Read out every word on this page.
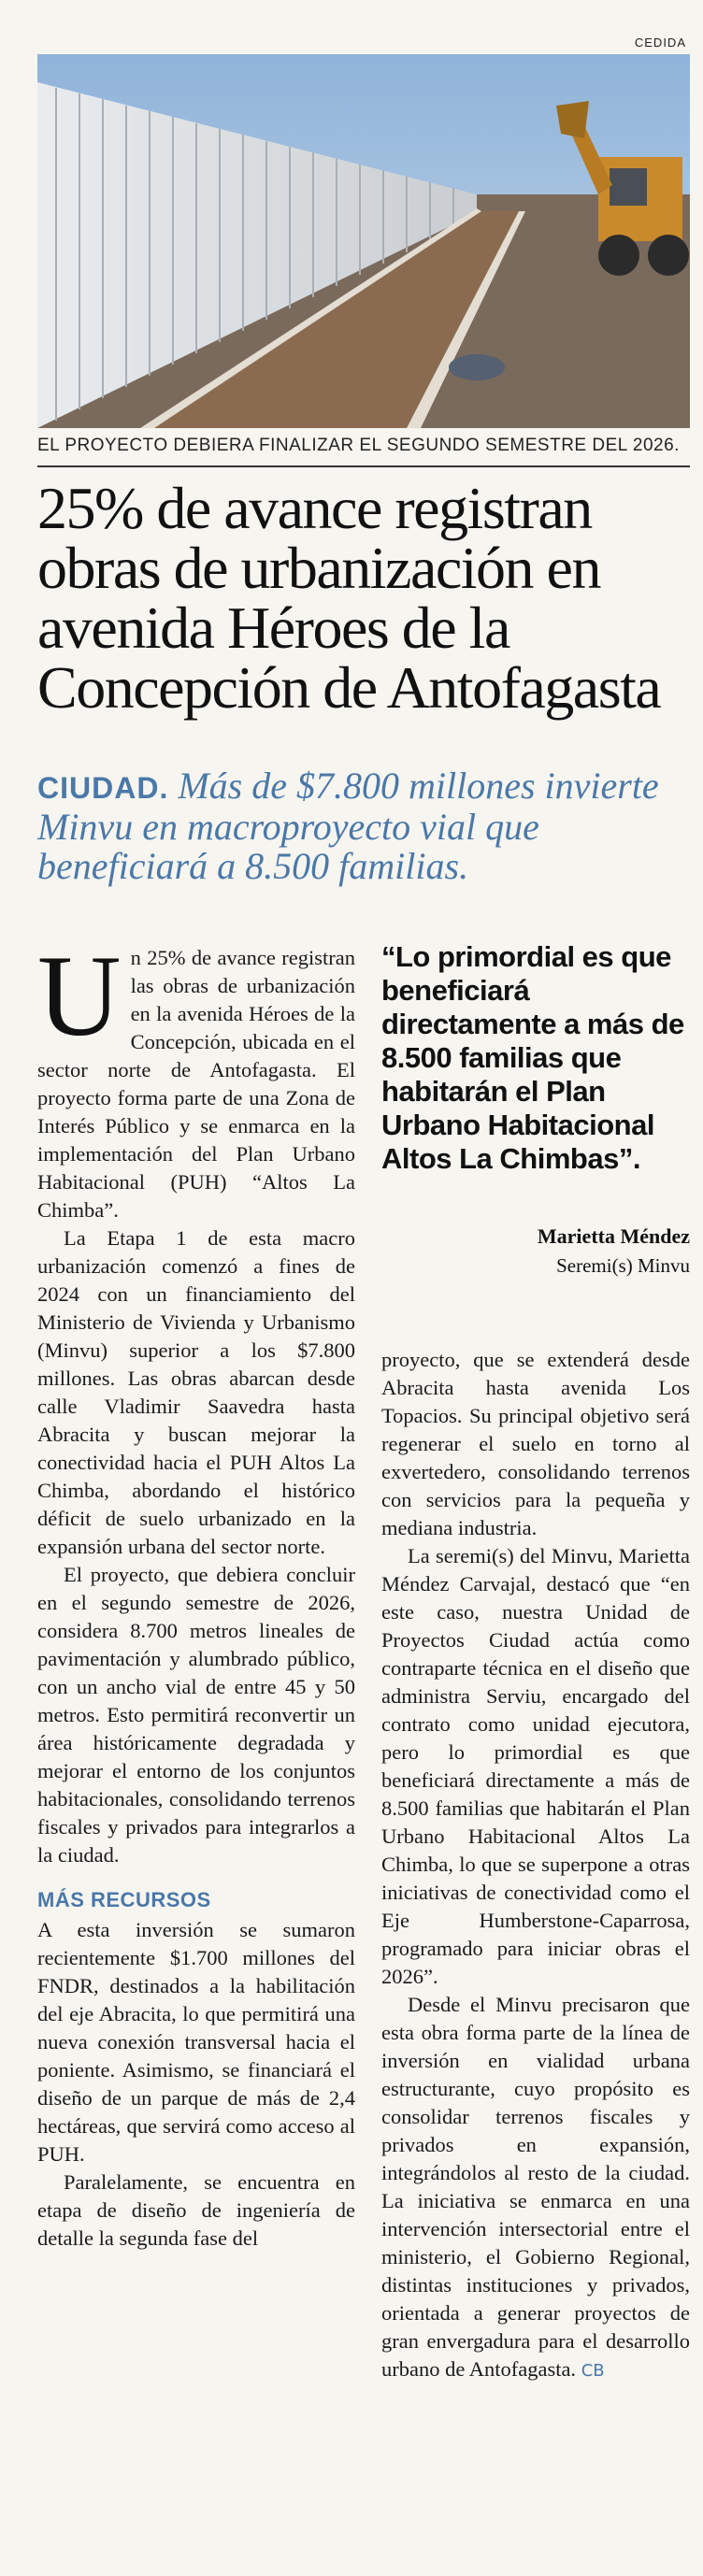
CEDIDA
EL PROYECTO DEBIERA FINALIZAR EL SEGUNDO SEMESTRE DEL 2026.
25% de avance registran obras de urbanización en avenida Héroes de la Concepción de Antofagasta
CIUDAD. Más de $7.800 millones invierte Minvu en macroproyecto vial que beneficiará a 8.500 familias.

Un 25% de avance registran las obras de urbanización en la avenida Héroes de la Concepción, ubicada en el sector norte de Antofagasta. El proyecto forma parte de una Zona de Interés Público y se enmarca en la implementación del Plan Urbano Habitacional (PUH) “Altos La Chimba”.

La Etapa 1 de esta macro urbanización comenzó a fines de 2024 con un financiamiento del Ministerio de Vivienda y Urbanismo (Minvu) superior a los $7.800 millones. Las obras abarcan desde calle Vladimir Saavedra hasta Abracita y buscan mejorar la conectividad hacia el PUH Altos La Chimba, abordando el histórico déficit de suelo urbanizado en la expansión urbana del sector norte.

El proyecto, que debiera concluir en el segundo semestre de 2026, considera 8.700 metros lineales de pavimentación y alumbrado público, con un ancho vial de entre 45 y 50 metros. Esto permitirá reconvertir un área históricamente degradada y mejorar el entorno de los conjuntos habitacionales, consolidando terrenos fiscales y privados para integrarlos a la ciudad.

MÁS RECURSOS

A esta inversión se sumaron recientemente $1.700 millones del FNDR, destinados a la habilitación del eje Abracita, lo que permitirá una nueva conexión transversal hacia el poniente. Asimismo, se financiará el diseño de un parque de más de 2,4 hectáreas, que servirá como acceso al PUH.

Paralelamente, se encuentra en etapa de diseño de ingeniería de detalle la segunda fase del

“Lo primordial es que beneficiará directamente a más de 8.500 familias que habitarán el Plan Urbano Habitacional Altos La Chimbas”.
Marietta Méndez
Seremi(s) Minvu

proyecto, que se extenderá desde Abracita hasta avenida Los Topacios. Su principal objetivo será regenerar el suelo en torno al exvertedero, consolidando terrenos con servicios para la pequeña y mediana industria.

La seremi(s) del Minvu, Marietta Méndez Carvajal, destacó que “en este caso, nuestra Unidad de Proyectos Ciudad actúa como contraparte técnica en el diseño que administra Serviu, encargado del contrato como unidad ejecutora, pero lo primordial es que beneficiará directamente a más de 8.500 familias que habitarán el Plan Urbano Habitacional Altos La Chimba, lo que se superpone a otras iniciativas de conectividad como el Eje Humberstone-Caparrosa, programado para iniciar obras el 2026”.

Desde el Minvu precisaron que esta obra forma parte de la línea de inversión en vialidad urbana estructurante, cuyo propósito es consolidar terrenos fiscales y privados en expansión, integrándolos al resto de la ciudad. La iniciativa se enmarca en una intervención intersectorial entre el ministerio, el Gobierno Regional, distintas instituciones y privados, orientada a generar proyectos de gran envergadura para el desarrollo urbano de Antofagasta. CB
